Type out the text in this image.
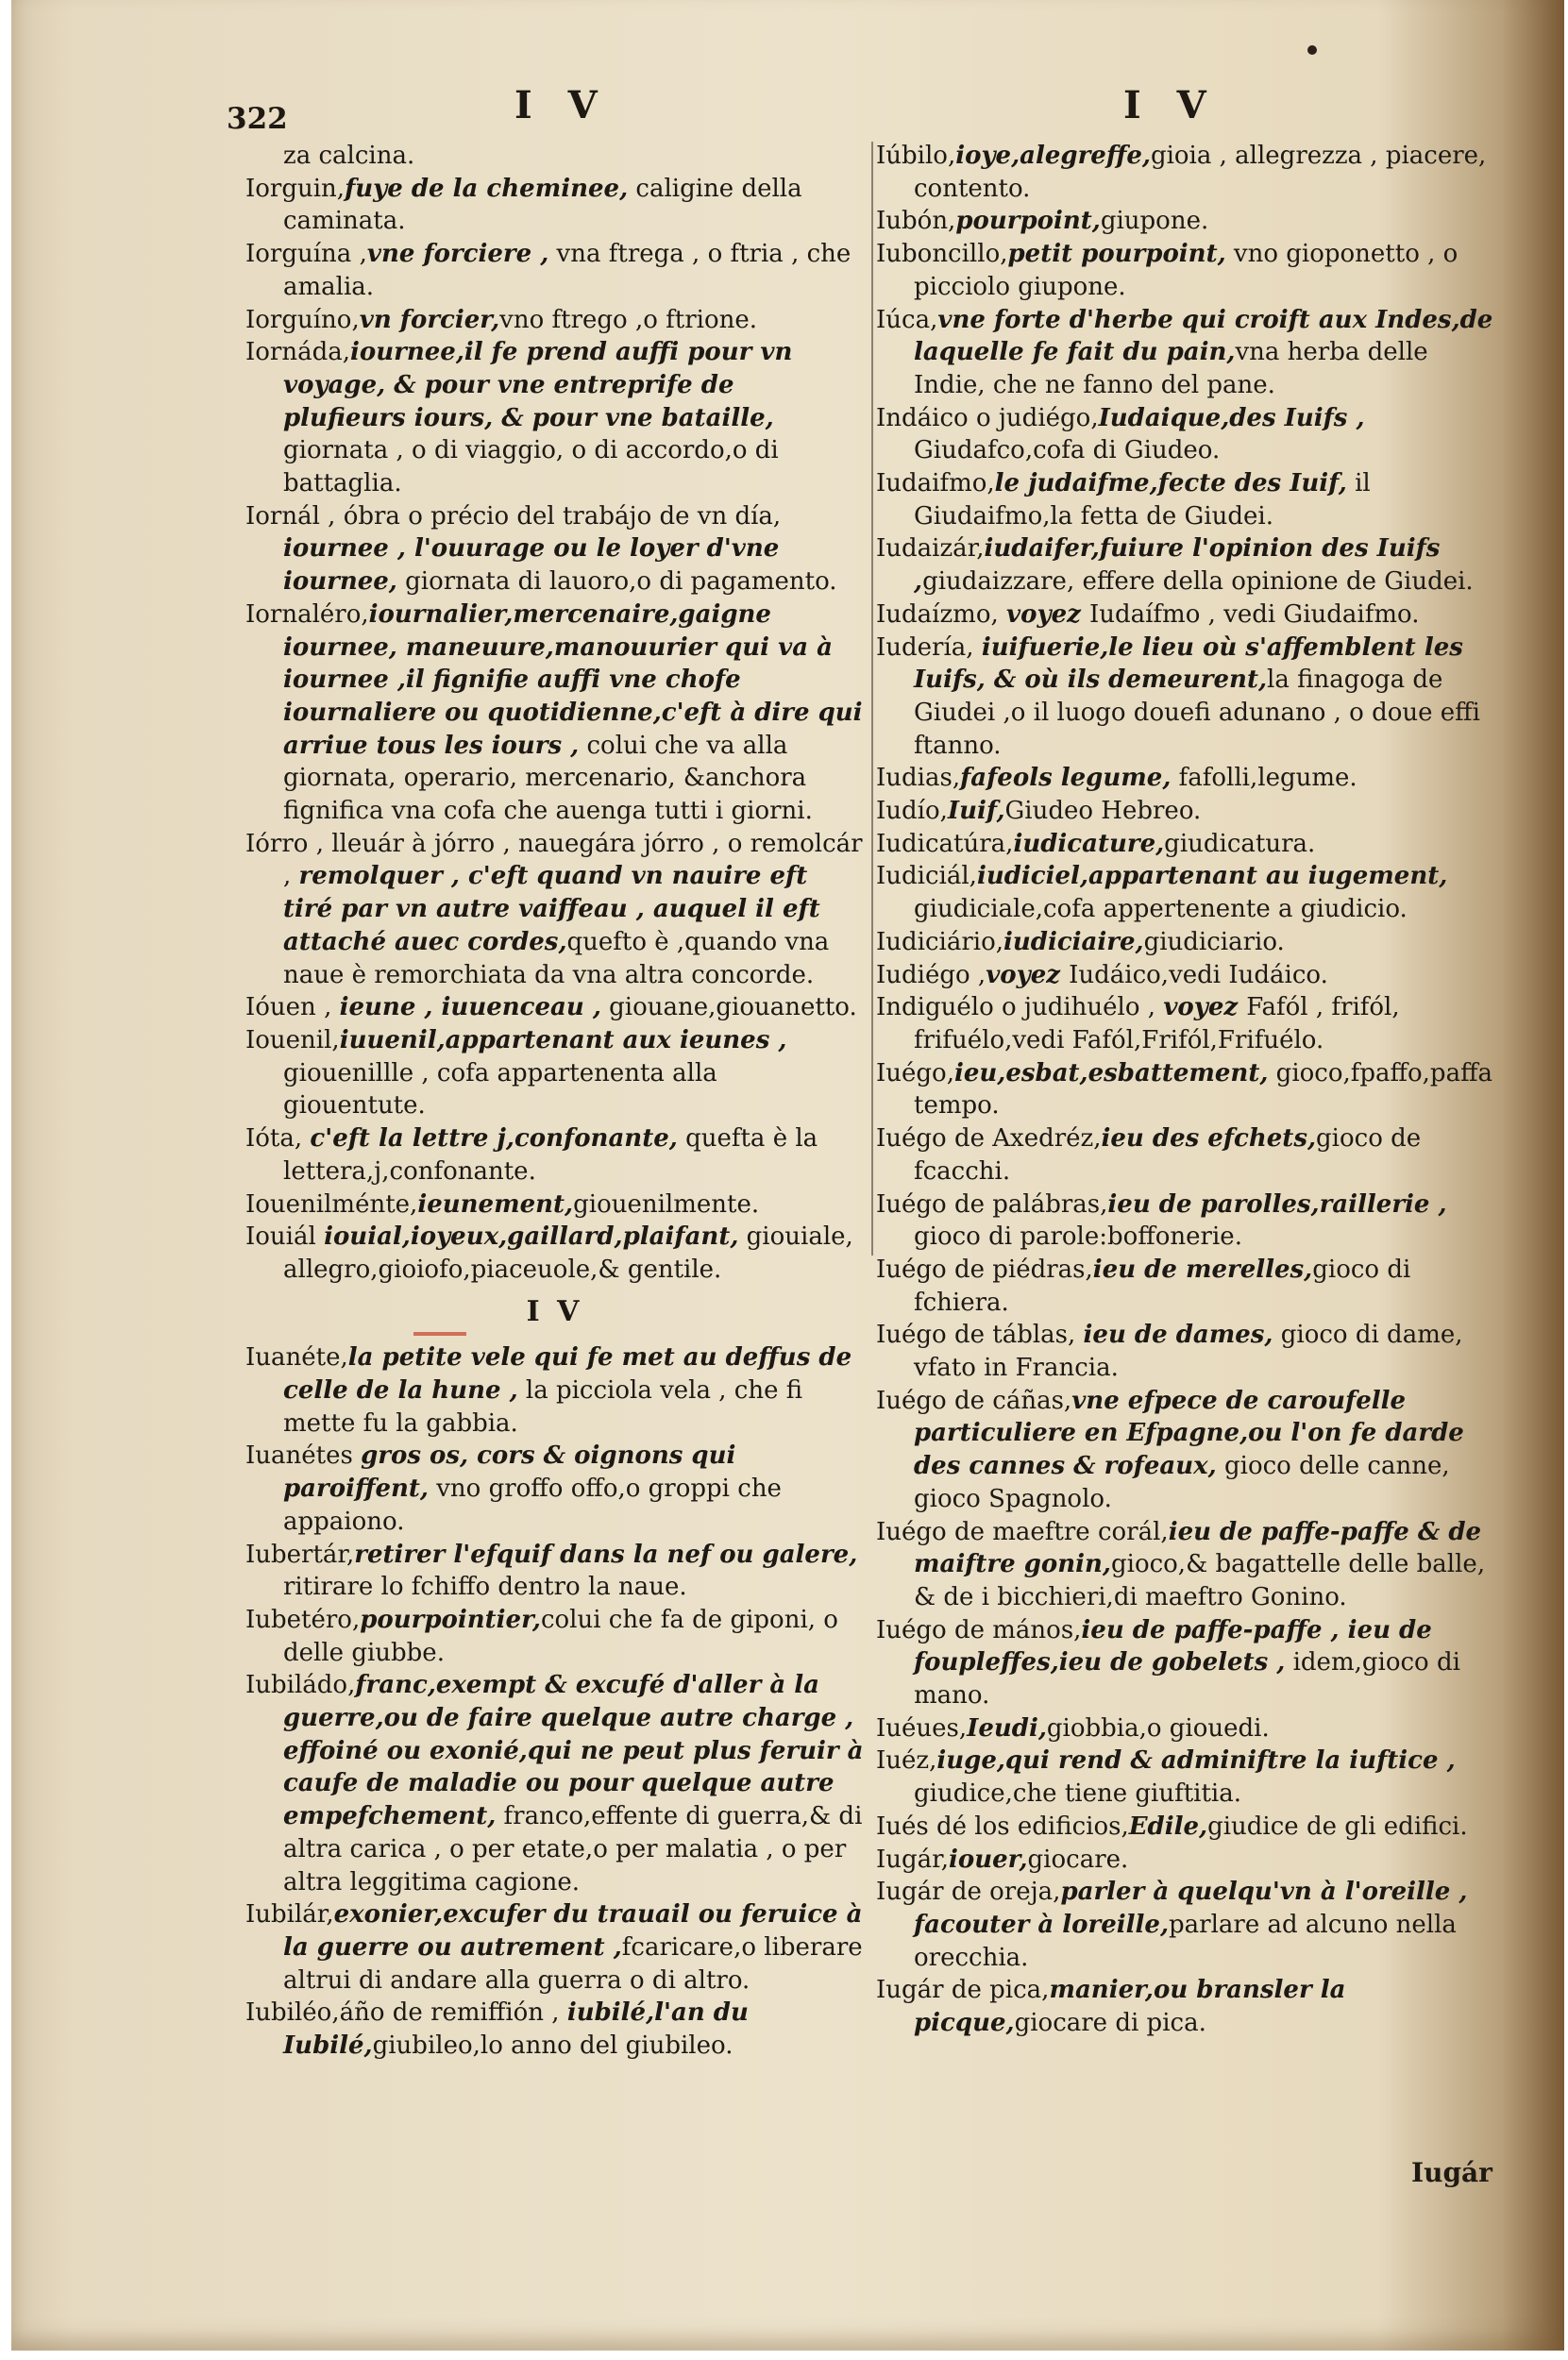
322	I V	I V

za calcina.

Iorguin,fuye de la cheminee, caligine della caminata.

Iorguína ,vne forciere , vna ftrega , o ftria , che amalia.

Iorguíno,vn forcier,vno ftrego ,o ftrione.

Iornáda,iournee,il fe prend auffi pour vn voyage, & pour vne entreprife de plufieurs iours, & pour vne bataille, giornata , o di viaggio, o di accordo,o di battaglia.

Iornál , óbra o précio del trabájo de vn día, iournee , l'ouurage ou le loyer d'vne iournee, giornata di lauoro,o di pagamento.

Iornaléro,iournalier,mercenaire,gaigne iournee, maneuure,manouurier qui va à iournee ,il fignifie auffi vne chofe iournaliere ou quotidienne,c'eft à dire qui arriue tous les iours , colui che va alla giornata, operario, mercenario, &anchora fignifica vna cofa che auenga tutti i giorni.

Iórro , lleuár à jórro , nauegára jórro , o remolcár , remolquer , c'eft quand vn nauire eft tiré par vn autre vaiffeau , auquel il eft attaché auec cordes,quefto è ,quando vna naue è remorchiata da vna altra concorde.

Ióuen , ieune , iuuenceau , giouane,giouanetto.

Iouenil,iuuenil,appartenant aux ieunes , giouenillle , cofa appartenenta alla giouentute.

Ióta, c'eft la lettre j,confonante, quefta è la lettera,j,confonante.

Iouenilménte,ieunement,giouenilmente.

Iouiál iouial,ioyeux,gaillard,plaifant, giouiale, allegro,gioiofo,piaceuole,& gentile.

I V

Iuanéte,la petite vele qui fe met au deffus de celle de la hune , la picciola vela , che fi mette fu la gabbia.

Iuanétes gros os, cors & oignons qui paroiffent, vno groffo offo,o groppi che appaiono.

Iubertár,retirer l'efquif dans la nef ou galere, ritirare lo fchiffo dentro la naue.

Iubetéro,pourpointier,colui che fa de giponi, o delle giubbe.

Iubiládo,franc,exempt & excufé d'aller à la guerre,ou de faire quelque autre charge , effoiné ou exonié,qui ne peut plus feruir à caufe de maladie ou pour quelque autre empefchement, franco,effente di guerra,& di altra carica , o per etate,o per malatia , o per altra leggitima cagione.

Iubilár,exonier,excufer du trauail ou feruice à la guerre ou autrement ,fcaricare,o liberare altrui di andare alla guerra o di altro.

Iubiléo,áño de remiffión , iubilé,l'an du Iubilé,giubileo,lo anno del giubileo.

Iúbilo,ioye,alegreffe,gioia , allegrezza , piacere, contento.

Iubón,pourpoint,giupone.

Iuboncillo,petit pourpoint, vno gioponetto , o picciolo giupone.

Iúca,vne forte d'herbe qui croift aux Indes,de laquelle fe fait du pain,vna herba delle Indie, che ne fanno del pane.

Indáico o judiégo,Iudaique,des Iuifs , Giudafco,cofa di Giudeo.

Iudaifmo,le judaifme,fecte des Iuif, il Giudaifmo,la fetta de Giudei.

Iudaizár,iudaifer,fuiure l'opinion des Iuifs ,giudaizzare, effere della opinione de Giudei.

Iudaízmo, voyez Iudaífmo , vedi Giudaifmo.

Iudería, iuifuerie,le lieu où s'affemblent les Iuifs, & où ils demeurent,la finagoga de Giudei ,o il luogo douefi adunano , o doue effi ftanno.

Iudias,fafeols legume, fafolli,legume.

Iudío,Iuif,Giudeo Hebreo.

Iudicatúra,iudicature,giudicatura.

Iudiciál,iudiciel,appartenant au iugement, giudiciale,cofa appertenente a giudicio.

Iudiciário,iudiciaire,giudiciario.

Iudiégo ,voyez Iudáico,vedi Iudáico.

Indiguélo o judihuélo , voyez Fafól , frifól, frifuélo,vedi Fafól,Frifól,Frifuélo.

Iuégo,ieu,esbat,esbattement, gioco,fpaffo,paffa tempo.

Iuégo de Axedréz,ieu des efchets,gioco de fcacchi.

Iuégo de palábras,ieu de parolles,raillerie , gioco di parole:boffonerie.

Iuégo de piédras,ieu de merelles,gioco di fchiera.

Iuégo de táblas, ieu de dames, gioco di dame, vfato in Francia.

Iuégo de cáñas,vne efpece de caroufelle particuliere en Efpagne,ou l'on fe darde des cannes & rofeaux, gioco delle canne, gioco Spagnolo.

Iuégo de maeftre corál,ieu de paffe-paffe & de maiftre gonin,gioco,& bagattelle delle balle, & de i bicchieri,di maeftro Gonino.

Iuégo de mános,ieu de paffe-paffe , ieu de foupleffes,ieu de gobelets , idem,gioco di mano.

Iuéues,Ieudi,giobbia,o giouedi.

Iuéz,iuge,qui rend & adminiftre la iuftice , giudice,che tiene giuftitia.

Iués dé los edificios,Edile,giudice de gli edifici.

Iugár,iouer,giocare.

Iugár de oreja,parler à quelqu'vn à l'oreille , facouter à loreille,parlare ad alcuno nella orecchia.

Iugár de pica,manier,ou bransler la picque,giocare di pica.

Iugár
